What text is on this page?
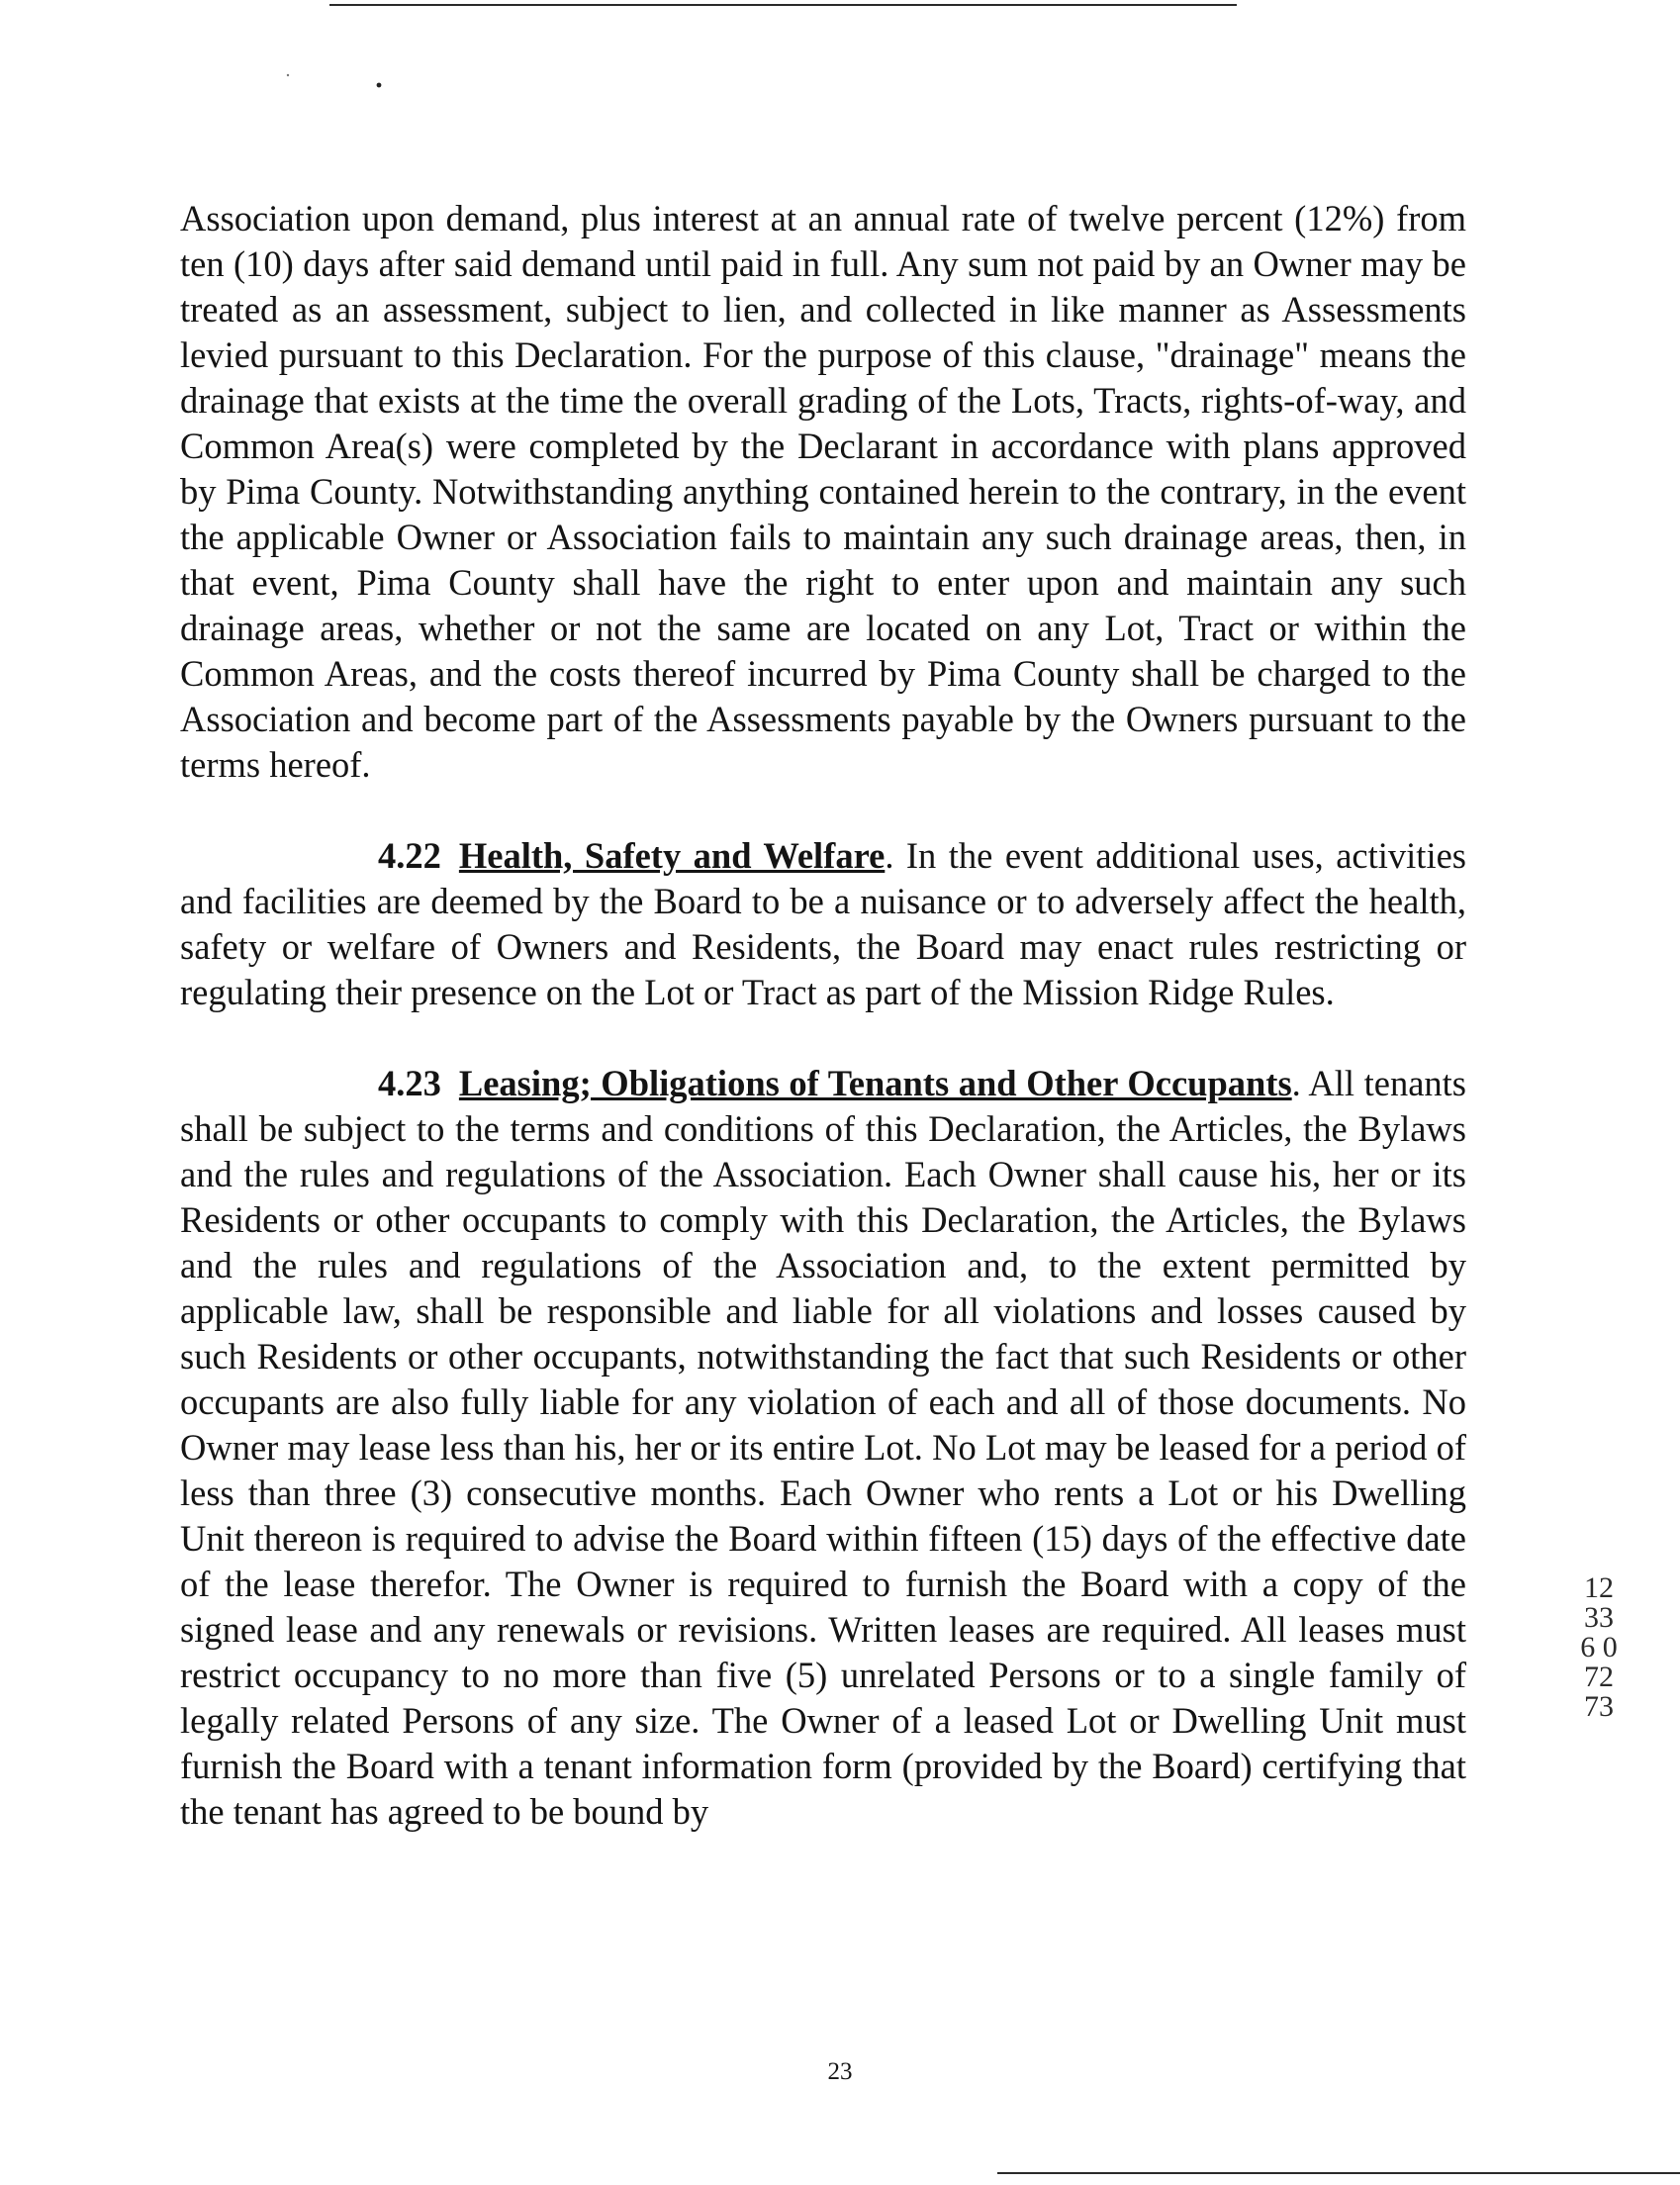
Association upon demand, plus interest at an annual rate of twelve percent (12%) from ten (10) days after said demand until paid in full. Any sum not paid by an Owner may be treated as an assessment, subject to lien, and collected in like manner as Assessments levied pursuant to this Declaration. For the purpose of this clause, "drainage" means the drainage that exists at the time the overall grading of the Lots, Tracts, rights-of-way, and Common Area(s) were completed by the Declarant in accordance with plans approved by Pima County. Notwithstanding anything contained herein to the contrary, in the event the applicable Owner or Association fails to maintain any such drainage areas, then, in that event, Pima County shall have the right to enter upon and maintain any such drainage areas, whether or not the same are located on any Lot, Tract or within the Common Areas, and the costs thereof incurred by Pima County shall be charged to the Association and become part of the Assessments payable by the Owners pursuant to the terms hereof.

4.22 Health, Safety and Welfare. In the event additional uses, activities and facilities are deemed by the Board to be a nuisance or to adversely affect the health, safety or welfare of Owners and Residents, the Board may enact rules restricting or regulating their presence on the Lot or Tract as part of the Mission Ridge Rules.

4.23 Leasing; Obligations of Tenants and Other Occupants. All tenants shall be subject to the terms and conditions of this Declaration, the Articles, the Bylaws and the rules and regulations of the Association. Each Owner shall cause his, her or its Residents or other occupants to comply with this Declaration, the Articles, the Bylaws and the rules and regulations of the Association and, to the extent permitted by applicable law, shall be responsible and liable for all violations and losses caused by such Residents or other occupants, notwithstanding the fact that such Residents or other occupants are also fully liable for any violation of each and all of those documents. No Owner may lease less than his, her or its entire Lot. No Lot may be leased for a period of less than three (3) consecutive months. Each Owner who rents a Lot or his Dwelling Unit thereon is required to advise the Board within fifteen (15) days of the effective date of the lease therefor. The Owner is required to furnish the Board with a copy of the signed lease and any renewals or revisions. Written leases are required. All leases must restrict occupancy to no more than five (5) unrelated Persons or to a single family of legally related Persons of any size. The Owner of a leased Lot or Dwelling Unit must furnish the Board with a tenant information form (provided by the Board) certifying that the tenant has agreed to be bound by

12336 07273
23
